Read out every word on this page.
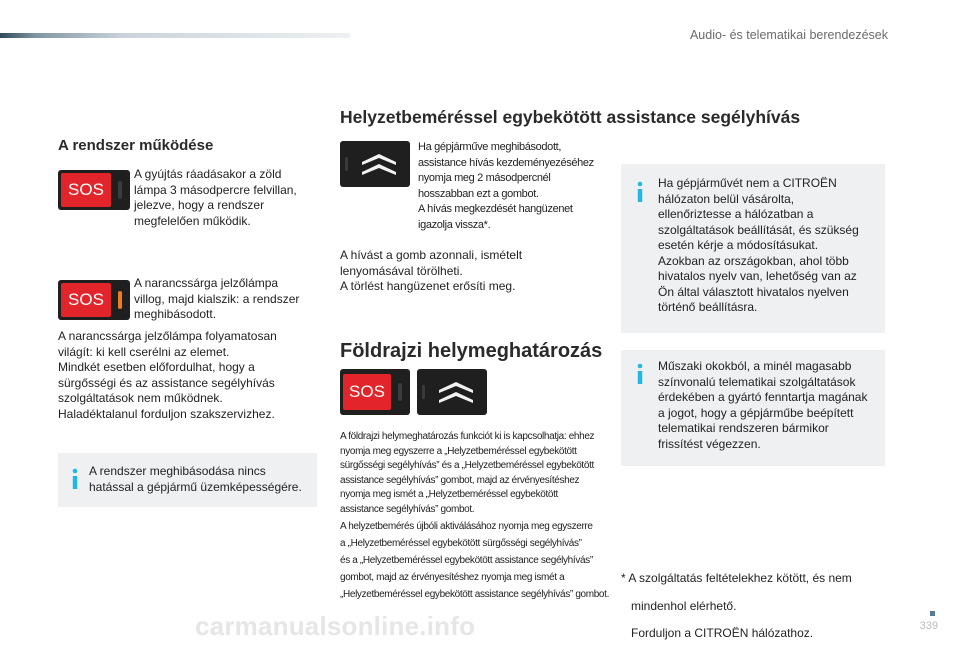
Audio- és telematikai berendezések
A rendszer működése
SOS

A gyújtás ráadásakor a zöld

lámpa 3 másodpercre felvillan,

jelezve, hogy a rendszer

megfelelően működik.

SOS

A narancssárga jelzőlámpa

villog, majd kialszik: a rendszer

meghibásodott.

A narancssárga jelzőlámpa folyamatosan

világít: ki kell cserélni az elemet.

Mindkét esetben előfordulhat, hogy a

sürgősségi és az assistance segélyhívás

szolgáltatások nem működnek.

Haladéktalanul forduljon szakszervizhez.

A rendszer meghibásodása nincs

hatással a gépjármű üzemképességére.

Helyzetbeméréssel egybekötött assistance segélyhívás

Ha gépjárműve meghibásodott,

assistance hívás kezdeményezéséhez

nyomja meg 2 másodpercnél

hosszabban ezt a gombot.

A hívás megkezdését hangüzenet

igazolja vissza*.

A hívást a gomb azonnali, ismételt

lenyomásával törölheti.

A törlést hangüzenet erősíti meg.

Földrajzi helymeghatározás
SOS

A földrajzi helymeghatározás funkciót ki is kapcsolhatja: ehhez

nyomja meg egyszerre a „Helyzetbeméréssel egybekötött

sürgősségi segélyhívás” és a „Helyzetbeméréssel egybekötött

assistance segélyhívás” gombot, majd az érvényesítéshez

nyomja meg ismét a „Helyzetbeméréssel egybekötött

assistance segélyhívás” gombot.

A helyzetbemérés újbóli aktiválásához nyomja meg egyszerre

a „Helyzetbeméréssel egybekötött sürgősségi segélyhívás”

és a „Helyzetbeméréssel egybekötött assistance segélyhívás”

gombot, majd az érvényesítéshez nyomja meg ismét a

„Helyzetbeméréssel egybekötött assistance segélyhívás” gombot.

Ha gépjárművét nem a CITROËN

hálózaton belül vásárolta,

ellenőriztesse a hálózatban a

szolgáltatások beállítását, és szükség

esetén kérje a módosításukat.

Azokban az országokban, ahol több

hivatalos nyelv van, lehetőség van az

Ön által választott hivatalos nyelven

történő beállításra.

Műszaki okokból, a minél magasabb

színvonalú telematikai szolgáltatások

érdekében a gyártó fenntartja magának

a jogot, hogy a gépjárműbe beépített

telematikai rendszeren bármikor

frissítést végezzen.

* A szolgáltatás feltételekhez kötött, és nem

mindenhol elérhető.

Forduljon a CITROËN hálózathoz.

carmanualsonline.info	339
